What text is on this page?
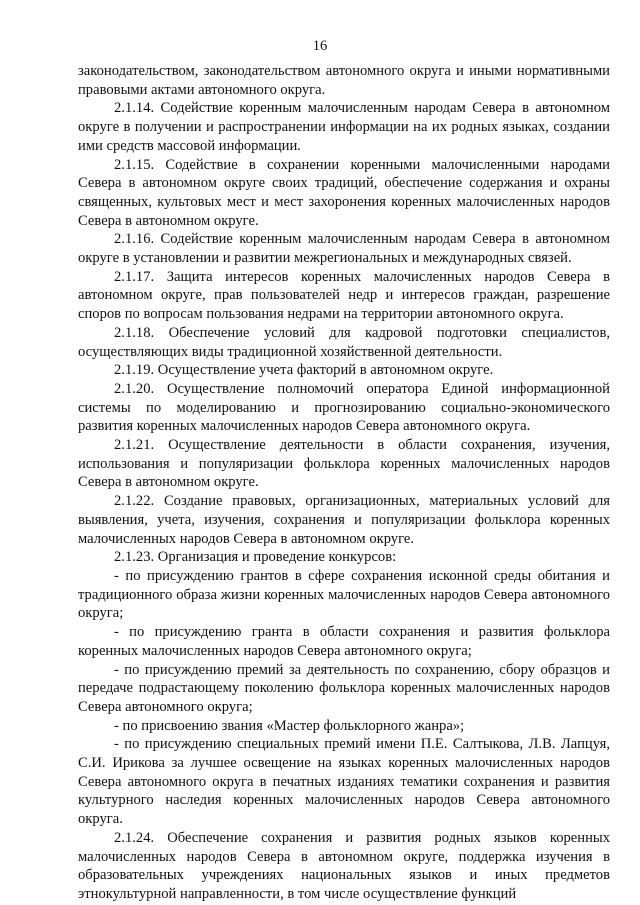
16

законодательством, законодательством автономного округа и иными нормативными правовыми актами автономного округа.

2.1.14. Содействие коренным малочисленным народам Севера в автономном округе в получении и распространении информации на их родных языках, создании ими средств массовой информации.

2.1.15. Содействие в сохранении коренными малочисленными народами Севера в автономном округе своих традиций, обеспечение содержания и охраны священных, культовых мест и мест захоронения коренных малочисленных народов Севера в автономном округе.

2.1.16. Содействие коренным малочисленным народам Севера в автономном округе в установлении и развитии межрегиональных и международных связей.

2.1.17. Защита интересов коренных малочисленных народов Севера в автономном округе, прав пользователей недр и интересов граждан, разрешение споров по вопросам пользования недрами на территории автономного округа.

2.1.18. Обеспечение условий для кадровой подготовки специалистов, осуществляющих виды традиционной хозяйственной деятельности.

2.1.19. Осуществление учета факторий в автономном округе.

2.1.20. Осуществление полномочий оператора Единой информационной системы по моделированию и прогнозированию социально-экономического развития коренных малочисленных народов Севера автономного округа.

2.1.21. Осуществление деятельности в области сохранения, изучения, использования и популяризации фольклора коренных малочисленных народов Севера в автономном округе.

2.1.22. Создание правовых, организационных, материальных условий для выявления, учета, изучения, сохранения и популяризации фольклора коренных малочисленных народов Севера в автономном округе.

2.1.23. Организация и проведение конкурсов:

- по присуждению грантов в сфере сохранения исконной среды обитания и традиционного образа жизни коренных малочисленных народов Севера автономного округа;

- по присуждению гранта в области сохранения и развития фольклора коренных малочисленных народов Севера автономного округа;

- по присуждению премий за деятельность по сохранению, сбору образцов и передаче подрастающему поколению фольклора коренных малочисленных народов Севера автономного округа;

- по присвоению звания «Мастер фольклорного жанра»;

- по присуждению специальных премий имени П.Е. Салтыкова, Л.В. Лапцуя, С.И. Ирикова за лучшее освещение на языках коренных малочисленных народов Севера автономного округа в печатных изданиях тематики сохранения и развития культурного наследия коренных малочисленных народов Севера автономного округа.

2.1.24. Обеспечение сохранения и развития родных языков коренных малочисленных народов Севера в автономном округе, поддержка изучения в образовательных учреждениях национальных языков и иных предметов этнокультурной направленности, в том числе осуществление функций
